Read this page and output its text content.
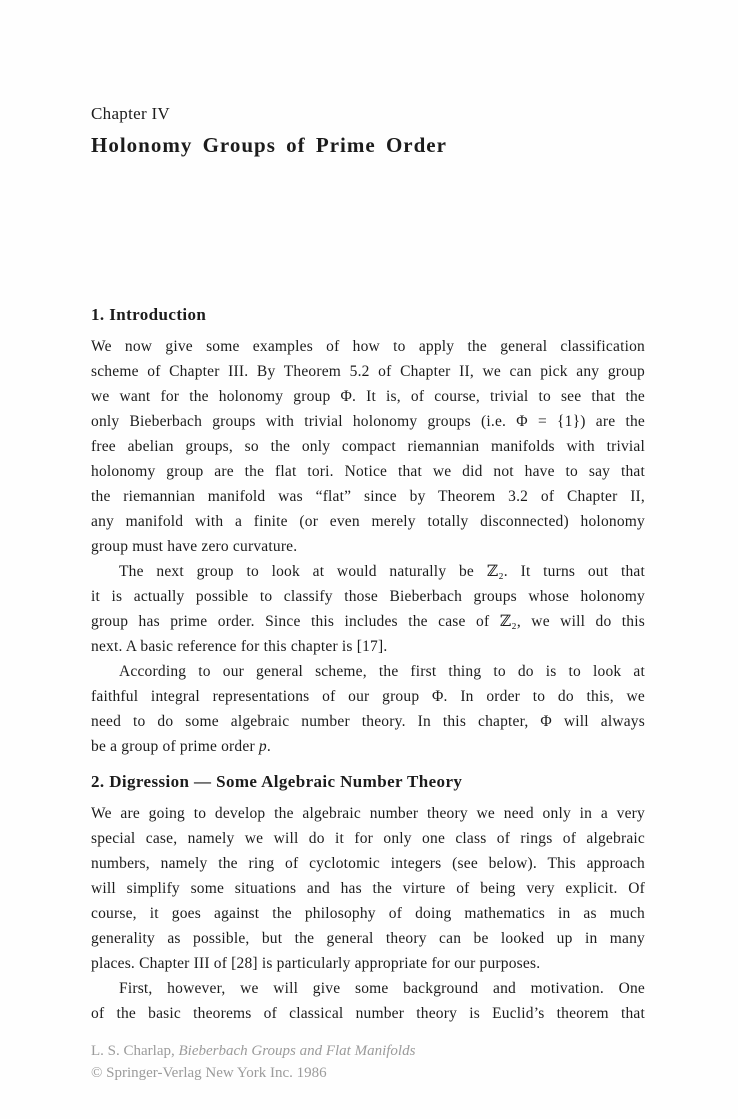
Chapter IV
Holonomy Groups of Prime Order
1. Introduction
We now give some examples of how to apply the general classification
scheme of Chapter III. By Theorem 5.2 of Chapter II, we can pick any group
we want for the holonomy group Φ. It is, of course, trivial to see that the
only Bieberbach groups with trivial holonomy groups (i.e. Φ = {1}) are the
free abelian groups, so the only compact riemannian manifolds with trivial
holonomy group are the flat tori. Notice that we did not have to say that
the riemannian manifold was “flat” since by Theorem 3.2 of Chapter II,
any manifold with a finite (or even merely totally disconnected) holonomy
group must have zero curvature.
The next group to look at would naturally be ℤ₂. It turns out that
it is actually possible to classify those Bieberbach groups whose holonomy
group has prime order. Since this includes the case of ℤ₂, we will do this
next. A basic reference for this chapter is [17].
According to our general scheme, the first thing to do is to look at
faithful integral representations of our group Φ. In order to do this, we
need to do some algebraic number theory. In this chapter, Φ will always
be a group of prime order p.
2. Digression — Some Algebraic Number Theory
We are going to develop the algebraic number theory we need only in a very
special case, namely we will do it for only one class of rings of algebraic
numbers, namely the ring of cyclotomic integers (see below). This approach
will simplify some situations and has the virture of being very explicit. Of
course, it goes against the philosophy of doing mathematics in as much
generality as possible, but the general theory can be looked up in many
places. Chapter III of [28] is particularly appropriate for our purposes.
First, however, we will give some background and motivation. One
of the basic theorems of classical number theory is Euclid’s theorem that
L. S. Charlap, Bieberbach Groups and Flat Manifolds
© Springer-Verlag New York Inc. 1986
